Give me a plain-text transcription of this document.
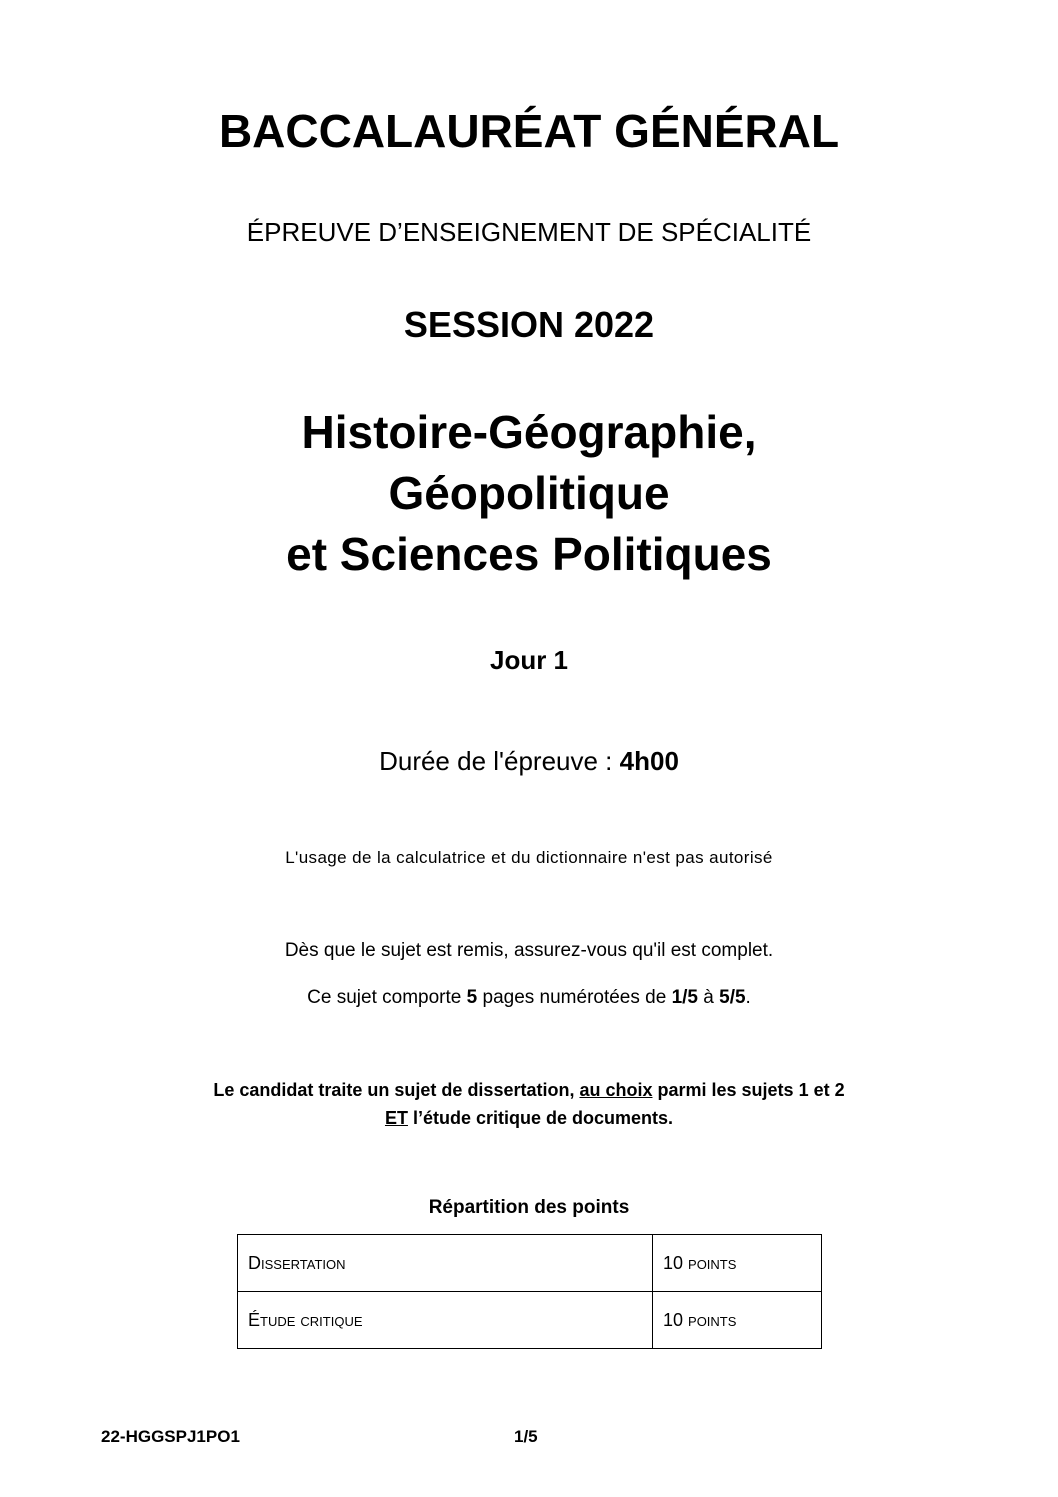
BACCALAURÉAT GÉNÉRAL
ÉPREUVE D’ENSEIGNEMENT DE SPÉCIALITÉ
SESSION 2022
Histoire-Géographie,
Géopolitique
et Sciences Politiques
Jour 1
Durée de l'épreuve : 4h00
L'usage de la calculatrice et du dictionnaire n'est pas autorisé
Dès que le sujet est remis, assurez-vous qu'il est complet.
Ce sujet comporte 5 pages numérotées de 1/5 à 5/5.
Le candidat traite un sujet de dissertation, au choix parmi les sujets 1 et 2
ET l’étude critique de documents.
Répartition des points
Dissertation	10 points
Étude critique	10 points
22-HGGSPJ1PO1	1/5
